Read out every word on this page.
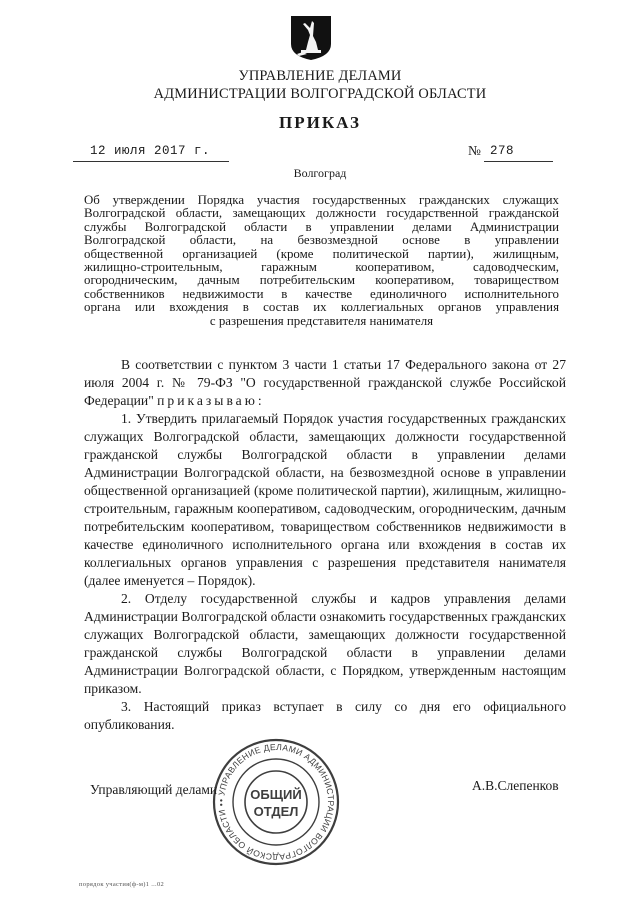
УПРАВЛЕНИЕ ДЕЛАМИ
АДМИНИСТРАЦИИ ВОЛГОГРАДСКОЙ ОБЛАСТИ
ПРИКАЗ
12 июля 2017 г.	№ 278
Волгоград
Об утверждении Порядка участия государственных гражданских служащих
Волгоградской области, замещающих должности государственной гражданской
службы Волгоградской области в управлении делами Администрации
Волгоградской области, на безвозмездной основе в управлении
общественной организацией (кроме политической партии), жилищным,
жилищно-строительным, гаражным кооперативом, садоводческим,
огородническим, дачным потребительским кооперативом, товариществом
собственников недвижимости в качестве единоличного исполнительного
органа или вхождения в состав их коллегиальных органов управления
с разрешения представителя нанимателя

В соответствии с пунктом 3 части 1 статьи 17 Федерального закона от 27 июля 2004 г. № 79-ФЗ "О государственной гражданской службе Российской Федерации" приказываю:

1. Утвердить прилагаемый Порядок участия государственных гражданских служащих Волгоградской области, замещающих должности государственной гражданской службы Волгоградской области в управлении делами Администрации Волгоградской области, на безвозмездной основе в управлении общественной организацией (кроме политической партии), жилищным, жилищно-строительным, гаражным кооперативом, садоводческим, огородническим, дачным потребительским кооперативом, товариществом собственников недвижимости в качестве единоличного исполнительного органа или вхождения в состав их коллегиальных органов управления с разрешения представителя нанимателя (далее именуется – Порядок).

2. Отделу государственной службы и кадров управления делами Администрации Волгоградской области ознакомить государственных гражданских служащих Волгоградской области, замещающих должности государственной гражданской службы Волгоградской области в управлении делами Администрации Волгоградской области, с Порядком, утвержденным настоящим приказом.

3. Настоящий приказ вступает в силу со дня его официального опубликования.

Управляющий делами	А.В.Слепенков
• УПРАВЛЕНИЕ ДЕЛАМИ АДМИНИСТРАЦИИ ВОЛГОГРАДСКОЙ ОБЛАСТИ •
ОБЩИЙ
ОТДЕЛ
порядок участия(ф-м)1 ...02
